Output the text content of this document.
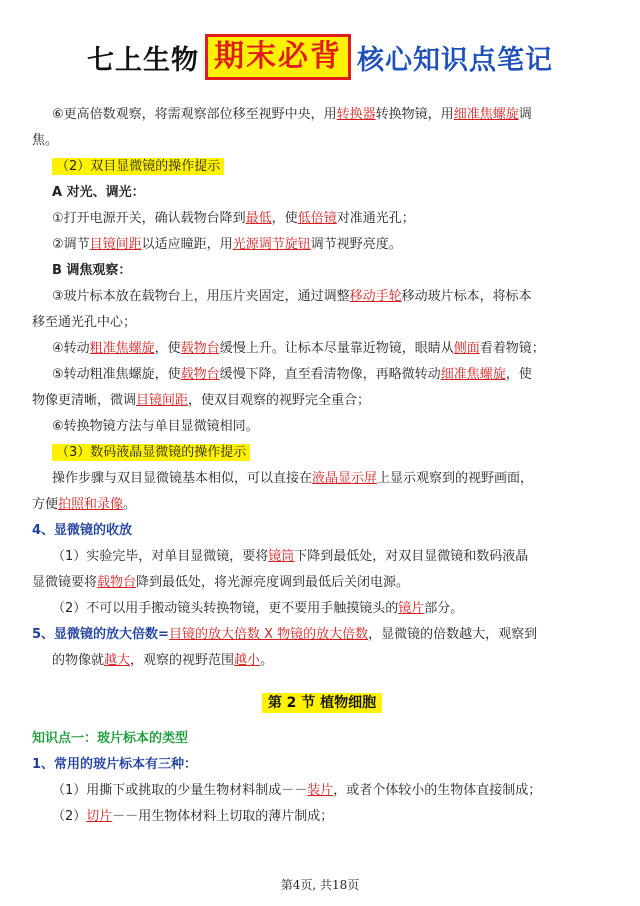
七上生物 期末必背 核心知识点笔记
⑥更高倍数观察，将需观察部位移至视野中央，用转换器转换物镜，用细准焦螺旋调
焦。
（2）双目显微镜的操作提示
A 对光、调光：
①打开电源开关，确认载物台降到最低，使低倍镜对准通光孔；
②调节目镜间距以适应瞳距，用光源调节旋钮调节视野亮度。
B 调焦观察：
③玻片标本放在载物台上，用压片夹固定，通过调整移动手轮移动玻片标本，将标本
移至通光孔中心；
④转动粗准焦螺旋，使载物台缓慢上升。让标本尽量靠近物镜，眼睛从侧面看着物镜；
⑤转动粗准焦螺旋，使载物台缓慢下降，直至看清物像，再略微转动细准焦螺旋，使
物像更清晰，微调目镜间距，使双目观察的视野完全重合；
⑥转换物镜方法与单目显微镜相同。
（3）数码液晶显微镜的操作提示
操作步骤与双目显微镜基本相似，可以直接在液晶显示屏上显示观察到的视野画面，
方便拍照和录像。
4、显微镜的收放
（1）实验完毕，对单目显微镜，要将镜筒下降到最低处，对双目显微镜和数码液晶
显微镜要将载物台降到最低处，将光源亮度调到最低后关闭电源。
（2）不可以用手搬动镜头转换物镜，更不要用手触摸镜头的镜片部分。
5、显微镜的放大倍数=目镜的放大倍数 X 物镜的放大倍数，显微镜的倍数越大，观察到
的物像就越大，观察的视野范围越小。
第 2 节 植物细胞
知识点一：玻片标本的类型
1、常用的玻片标本有三种：
（1）用撕下或挑取的少量生物材料制成－－装片，或者个体较小的生物体直接制成；
（2）切片－－用生物体材料上切取的薄片制成；
第4页, 共18页
